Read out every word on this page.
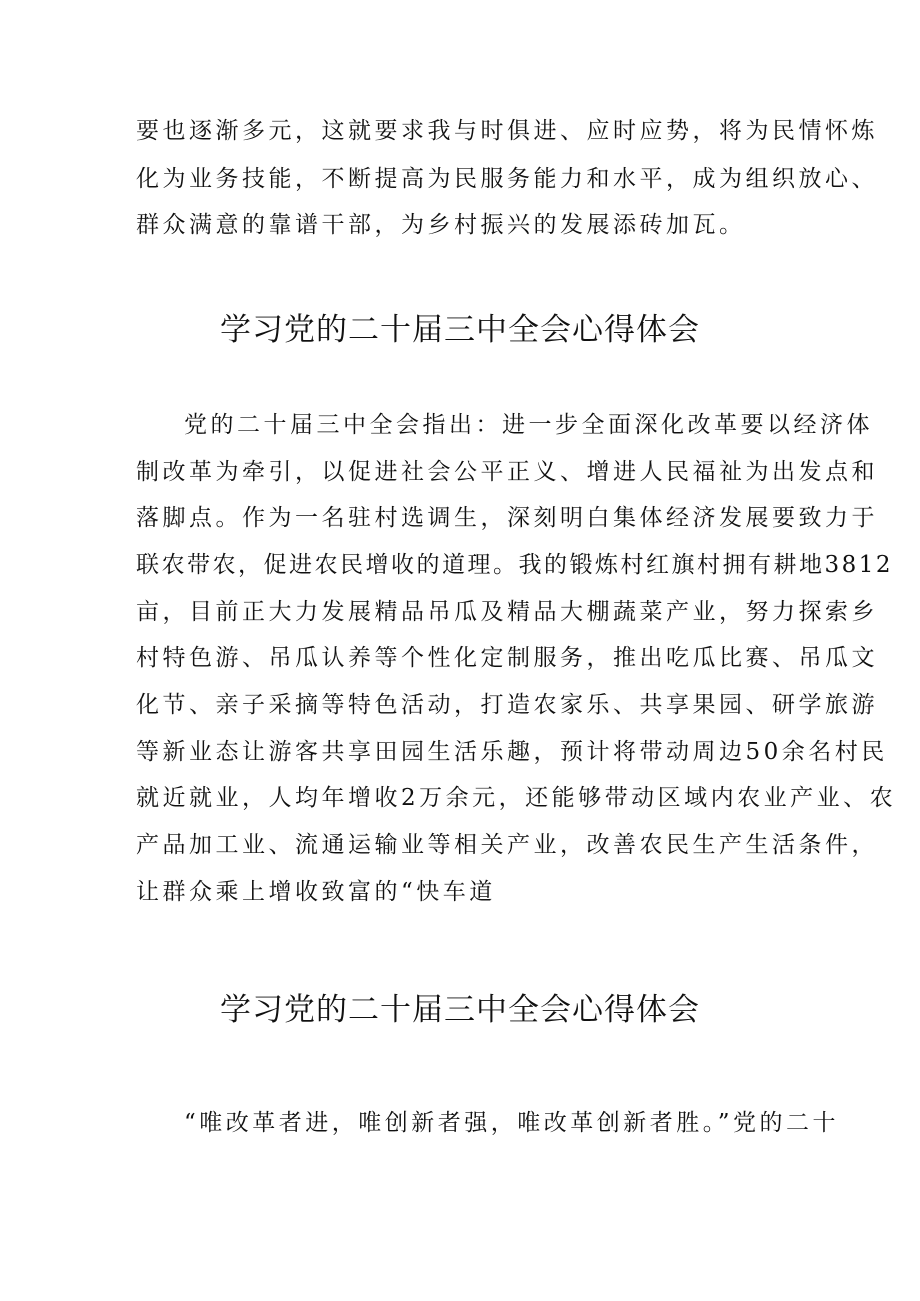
要也逐渐多元，这就要求我与时俱进、应时应势，将为民情怀炼
化为业务技能，不断提高为民服务能力和水平，成为组织放心、
群众满意的靠谱干部，为乡村振兴的发展添砖加瓦。
学习党的二十届三中全会心得体会
党的二十届三中全会指出：进一步全面深化改革要以经济体
制改革为牵引，以促进社会公平正义、增进人民福祉为出发点和
落脚点。作为一名驻村选调生，深刻明白集体经济发展要致力于
联农带农，促进农民增收的道理。我的锻炼村红旗村拥有耕地3812
亩，目前正大力发展精品吊瓜及精品大棚蔬菜产业，努力探索乡
村特色游、吊瓜认养等个性化定制服务，推出吃瓜比赛、吊瓜文
化节、亲子采摘等特色活动，打造农家乐、共享果园、研学旅游
等新业态让游客共享田园生活乐趣，预计将带动周边50余名村民
就近就业，人均年增收2万余元，还能够带动区域内农业产业、农
产品加工业、流通运输业等相关产业，改善农民生产生活条件，
让群众乘上增收致富的“快车道
学习党的二十届三中全会心得体会
“唯改革者进，唯创新者强，唯改革创新者胜。”党的二十
